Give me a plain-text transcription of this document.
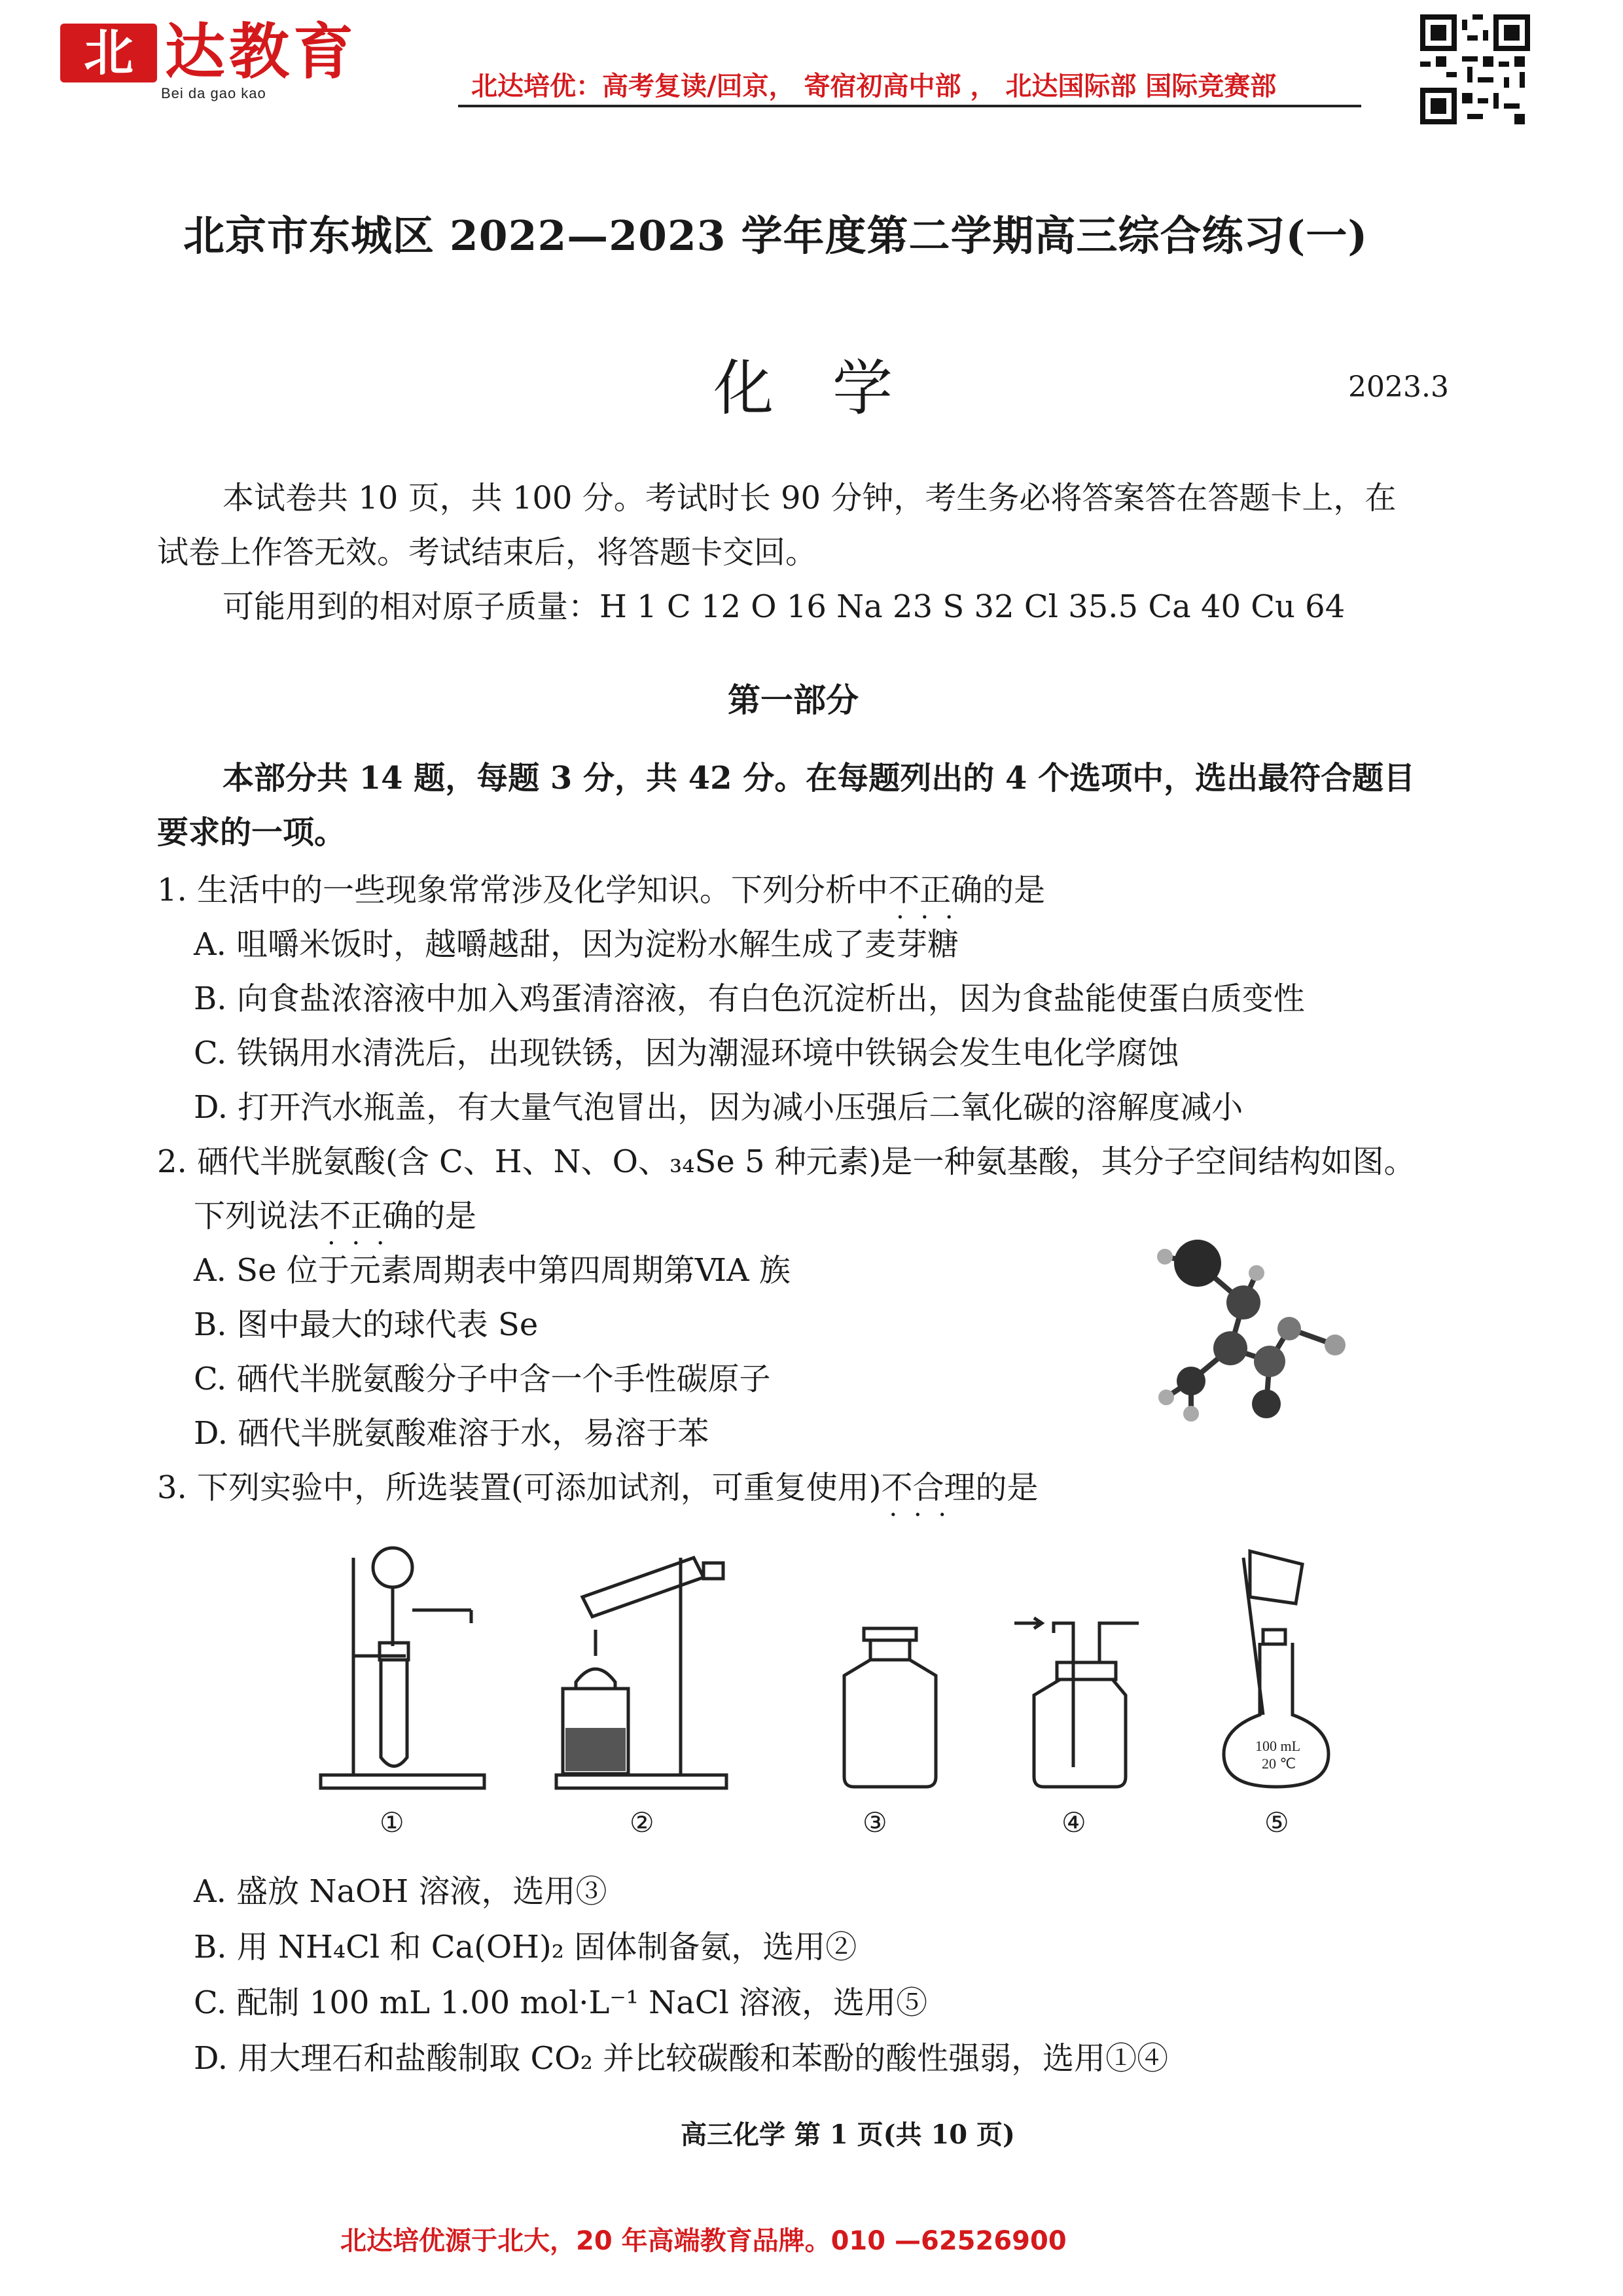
北 达教育
Bei da gao kao	北达培优：高考复读/回京， 寄宿初高中部 ， 北达国际部 国际竞赛部
北京市东城区 2022—2023 学年度第二学期高三综合练习(一)
化学	2023.3
本试卷共 10 页，共 100 分。考试时长 90 分钟，考生务必将答案答在答题卡上，在
试卷上作答无效。考试结束后，将答题卡交回。
可能用到的相对原子质量：H 1 C 12 O 16 Na 23 S 32 Cl 35.5 Ca 40 Cu 64
第一部分
本部分共 14 题，每题 3 分，共 42 分。在每题列出的 4 个选项中，选出最符合题目
要求的一项。
1. 生活中的一些现象常常涉及化学知识。下列分析中不正确 · · ·的是
A. 咀嚼米饭时，越嚼越甜，因为淀粉水解生成了麦芽糖
B. 向食盐浓溶液中加入鸡蛋清溶液，有白色沉淀析出，因为食盐能使蛋白质变性
C. 铁锅用水清洗后，出现铁锈，因为潮湿环境中铁锅会发生电化学腐蚀
D. 打开汽水瓶盖，有大量气泡冒出，因为减小压强后二氧化碳的溶解度减小
2. 硒代半胱氨酸(含 C、H、N、O、₃₄Se 5 种元素)是一种氨基酸，其分子空间结构如图。
下列说法不正确 · · ·的是
A. Se 位于元素周期表中第四周期第ⅥA 族
B. 图中最大的球代表 Se
C. 硒代半胱氨酸分子中含一个手性碳原子
D. 硒代半胱氨酸难溶于水，易溶于苯
3. 下列实验中，所选装置(可添加试剂，可重复使用)不合理 · · ·的是
①	②	③	④
100 mL
20 ℃
⑤
A. 盛放 NaOH 溶液，选用③
B. 用 NH₄Cl 和 Ca(OH)₂ 固体制备氨，选用②
C. 配制 100 mL 1.00 mol·L⁻¹ NaCl 溶液，选用⑤
D. 用大理石和盐酸制取 CO₂ 并比较碳酸和苯酚的酸性强弱，选用①④
高三化学 第 1 页(共 10 页)
北达培优源于北大，20 年高端教育品牌。010 —62526900
